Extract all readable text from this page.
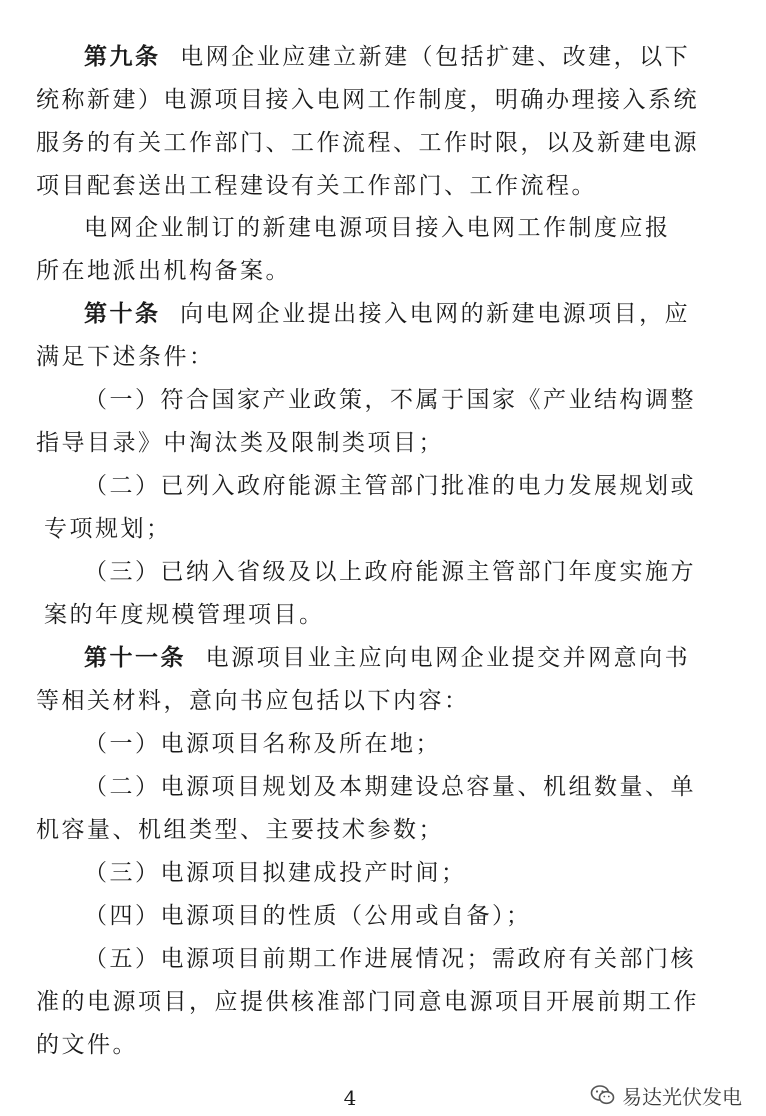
第九条 电网企业应建立新建（包括扩建、改建，以下
统称新建）电源项目接入电网工作制度，明确办理接入系统
服务的有关工作部门、工作流程、工作时限，以及新建电源
项目配套送出工程建设有关工作部门、工作流程。
电网企业制订的新建电源项目接入电网工作制度应报
所在地派出机构备案。
第十条 向电网企业提出接入电网的新建电源项目，应
满足下述条件：
（一）符合国家产业政策，不属于国家《产业结构调整
指导目录》中淘汰类及限制类项目；
（二）已列入政府能源主管部门批准的电力发展规划或
专项规划；
（三）已纳入省级及以上政府能源主管部门年度实施方
案的年度规模管理项目。
第十一条 电源项目业主应向电网企业提交并网意向书
等相关材料，意向书应包括以下内容：
（一）电源项目名称及所在地；
（二）电源项目规划及本期建设总容量、机组数量、单
机容量、机组类型、主要技术参数；
（三）电源项目拟建成投产时间；
（四）电源项目的性质（公用或自备）；
（五）电源项目前期工作进展情况；需政府有关部门核
准的电源项目，应提供核准部门同意电源项目开展前期工作
的文件。
4	易达光伏发电
